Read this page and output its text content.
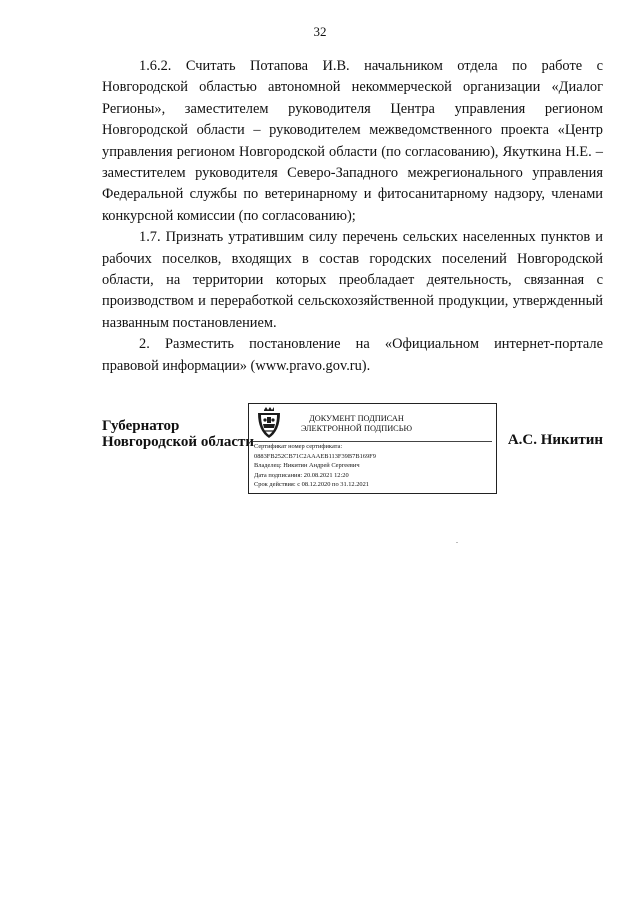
32

1.6.2. Считать Потапова И.В. начальником отдела по работе с Новгородской областью автономной некоммерческой организации «Диалог Регионы», заместителем руководителя Центра управления регионом Новгородской области – руководителем межведомственного проекта «Центр управления регионом Новгородской области (по согласованию), Якуткина Н.Е. – заместителем руководителя Северо-Западного межрегионального управления Федеральной службы по ветеринарному и фитосанитарному надзору, членами конкурсной комиссии (по согласованию);

1.7. Признать утратившим силу перечень сельских населенных пунктов и рабочих поселков, входящих в состав городских поселений Новгородской области, на территории которых преобладает деятельность, связанная с производством и переработкой сельскохозяйственной продукции, утвержденный названным постановлением.

2. Разместить постановление на «Официальном интернет-портале правовой информации» (www.pravo.gov.ru).

Губернатор
Новгородской области
ДОКУМЕНТ ПОДПИСАН
ЭЛЕКТРОННОЙ ПОДПИСЬЮ
Сертификат номер сертификата:
0883FB252CB71C2AAAEB113F39B7B169F9
Владелец: Никитин Андрей Сергеевич
Дата подписания: 20.08.2021 12:20
Срок действия: с 08.12.2020 по 31.12.2021
А.С. Никитин
